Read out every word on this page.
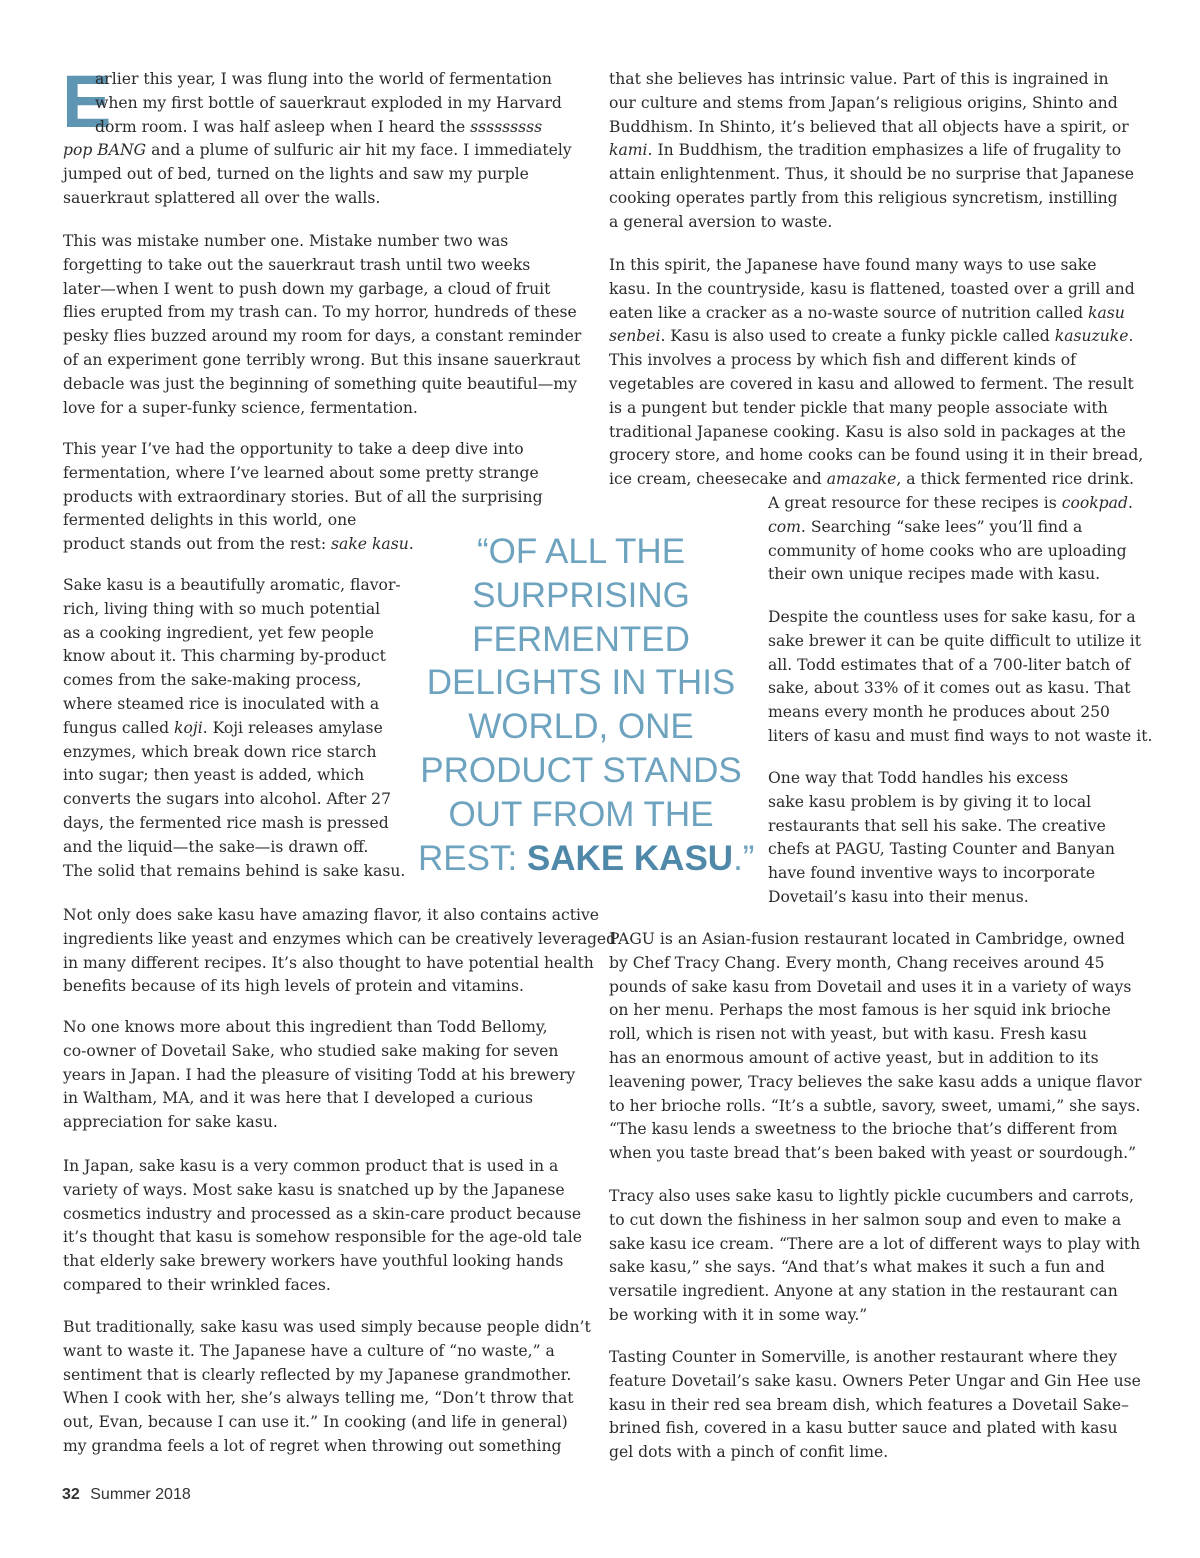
E

arlier this year, I was flung into the world of fermentation
when my first bottle of sauerkraut exploded in my Harvard
dorm room. I was half asleep when I heard the sssssssss
pop BANG and a plume of sulfuric air hit my face. I immediately
jumped out of bed, turned on the lights and saw my purple
sauerkraut splattered all over the walls.

This was mistake number one. Mistake number two was
forgetting to take out the sauerkraut trash until two weeks
later—when I went to push down my garbage, a cloud of fruit
flies erupted from my trash can. To my horror, hundreds of these
pesky flies buzzed around my room for days, a constant reminder
of an experiment gone terribly wrong. But this insane sauerkraut
debacle was just the beginning of something quite beautiful—my
love for a super-funky science, fermentation.

This year I’ve had the opportunity to take a deep dive into
fermentation, where I’ve learned about some pretty strange
products with extraordinary stories. But of all the surprising
fermented delights in this world, one
product stands out from the rest: sake kasu.

Sake kasu is a beautifully aromatic, flavor-
rich, living thing with so much potential
as a cooking ingredient, yet few people
know about it. This charming by-product
comes from the sake-making process,
where steamed rice is inoculated with a
fungus called koji. Koji releases amylase
enzymes, which break down rice starch
into sugar; then yeast is added, which
converts the sugars into alcohol. After 27
days, the fermented rice mash is pressed
and the liquid—the sake—is drawn off.
The solid that remains behind is sake kasu.

Not only does sake kasu have amazing flavor, it also contains active
ingredients like yeast and enzymes which can be creatively leveraged
in many different recipes. It’s also thought to have potential health
benefits because of its high levels of protein and vitamins.

No one knows more about this ingredient than Todd Bellomy,
co-owner of Dovetail Sake, who studied sake making for seven
years in Japan. I had the pleasure of visiting Todd at his brewery
in Waltham, MA, and it was here that I developed a curious
appreciation for sake kasu.

In Japan, sake kasu is a very common product that is used in a
variety of ways. Most sake kasu is snatched up by the Japanese
cosmetics industry and processed as a skin-care product because
it’s thought that kasu is somehow responsible for the age-old tale
that elderly sake brewery workers have youthful looking hands
compared to their wrinkled faces.

But traditionally, sake kasu was used simply because people didn’t
want to waste it. The Japanese have a culture of “no waste,” a
sentiment that is clearly reflected by my Japanese grandmother.
When I cook with her, she’s always telling me, “Don’t throw that
out, Evan, because I can use it.” In cooking (and life in general)
my grandma feels a lot of regret when throwing out something

that she believes has intrinsic value. Part of this is ingrained in
our culture and stems from Japan’s religious origins, Shinto and
Buddhism. In Shinto, it’s believed that all objects have a spirit, or
kami. In Buddhism, the tradition emphasizes a life of frugality to
attain enlightenment. Thus, it should be no surprise that Japanese
cooking operates partly from this religious syncretism, instilling
a general aversion to waste.

In this spirit, the Japanese have found many ways to use sake
kasu. In the countryside, kasu is flattened, toasted over a grill and
eaten like a cracker as a no-waste source of nutrition called kasu
senbei. Kasu is also used to create a funky pickle called kasuzuke.
This involves a process by which fish and different kinds of
vegetables are covered in kasu and allowed to ferment. The result
is a pungent but tender pickle that many people associate with
traditional Japanese cooking. Kasu is also sold in packages at the
grocery store, and home cooks can be found using it in their bread,
ice cream, cheesecake and amazake, a thick fermented rice drink.

A great resource for these recipes is cookpad.
com. Searching “sake lees” you’ll find a
community of home cooks who are uploading
their own unique recipes made with kasu.

Despite the countless uses for sake kasu, for a
sake brewer it can be quite difficult to utilize it
all. Todd estimates that of a 700-liter batch of
sake, about 33% of it comes out as kasu. That
means every month he produces about 250
liters of kasu and must find ways to not waste it.

One way that Todd handles his excess
sake kasu problem is by giving it to local
restaurants that sell his sake. The creative
chefs at PAGU, Tasting Counter and Banyan
have found inventive ways to incorporate
Dovetail’s kasu into their menus.

PAGU is an Asian-fusion restaurant located in Cambridge, owned
by Chef Tracy Chang. Every month, Chang receives around 45
pounds of sake kasu from Dovetail and uses it in a variety of ways
on her menu. Perhaps the most famous is her squid ink brioche
roll, which is risen not with yeast, but with kasu. Fresh kasu
has an enormous amount of active yeast, but in addition to its
leavening power, Tracy believes the sake kasu adds a unique flavor
to her brioche rolls. “It’s a subtle, savory, sweet, umami,” she says.
“The kasu lends a sweetness to the brioche that’s different from
when you taste bread that’s been baked with yeast or sourdough.”

Tracy also uses sake kasu to lightly pickle cucumbers and carrots,
to cut down the fishiness in her salmon soup and even to make a
sake kasu ice cream. “There are a lot of different ways to play with
sake kasu,” she says. “And that’s what makes it such a fun and
versatile ingredient. Anyone at any station in the restaurant can
be working with it in some way.”

Tasting Counter in Somerville, is another restaurant where they
feature Dovetail’s sake kasu. Owners Peter Ungar and Gin Hee use
kasu in their red sea bream dish, which features a Dovetail Sake–
brined fish, covered in a kasu butter sauce and plated with kasu
gel dots with a pinch of confit lime.

“OF ALL THE
SURPRISING
FERMENTED
DELIGHTS IN THIS
WORLD, ONE
PRODUCT STANDS
OUT FROM THE
REST: SAKE KASU.”
32 Summer 2018
